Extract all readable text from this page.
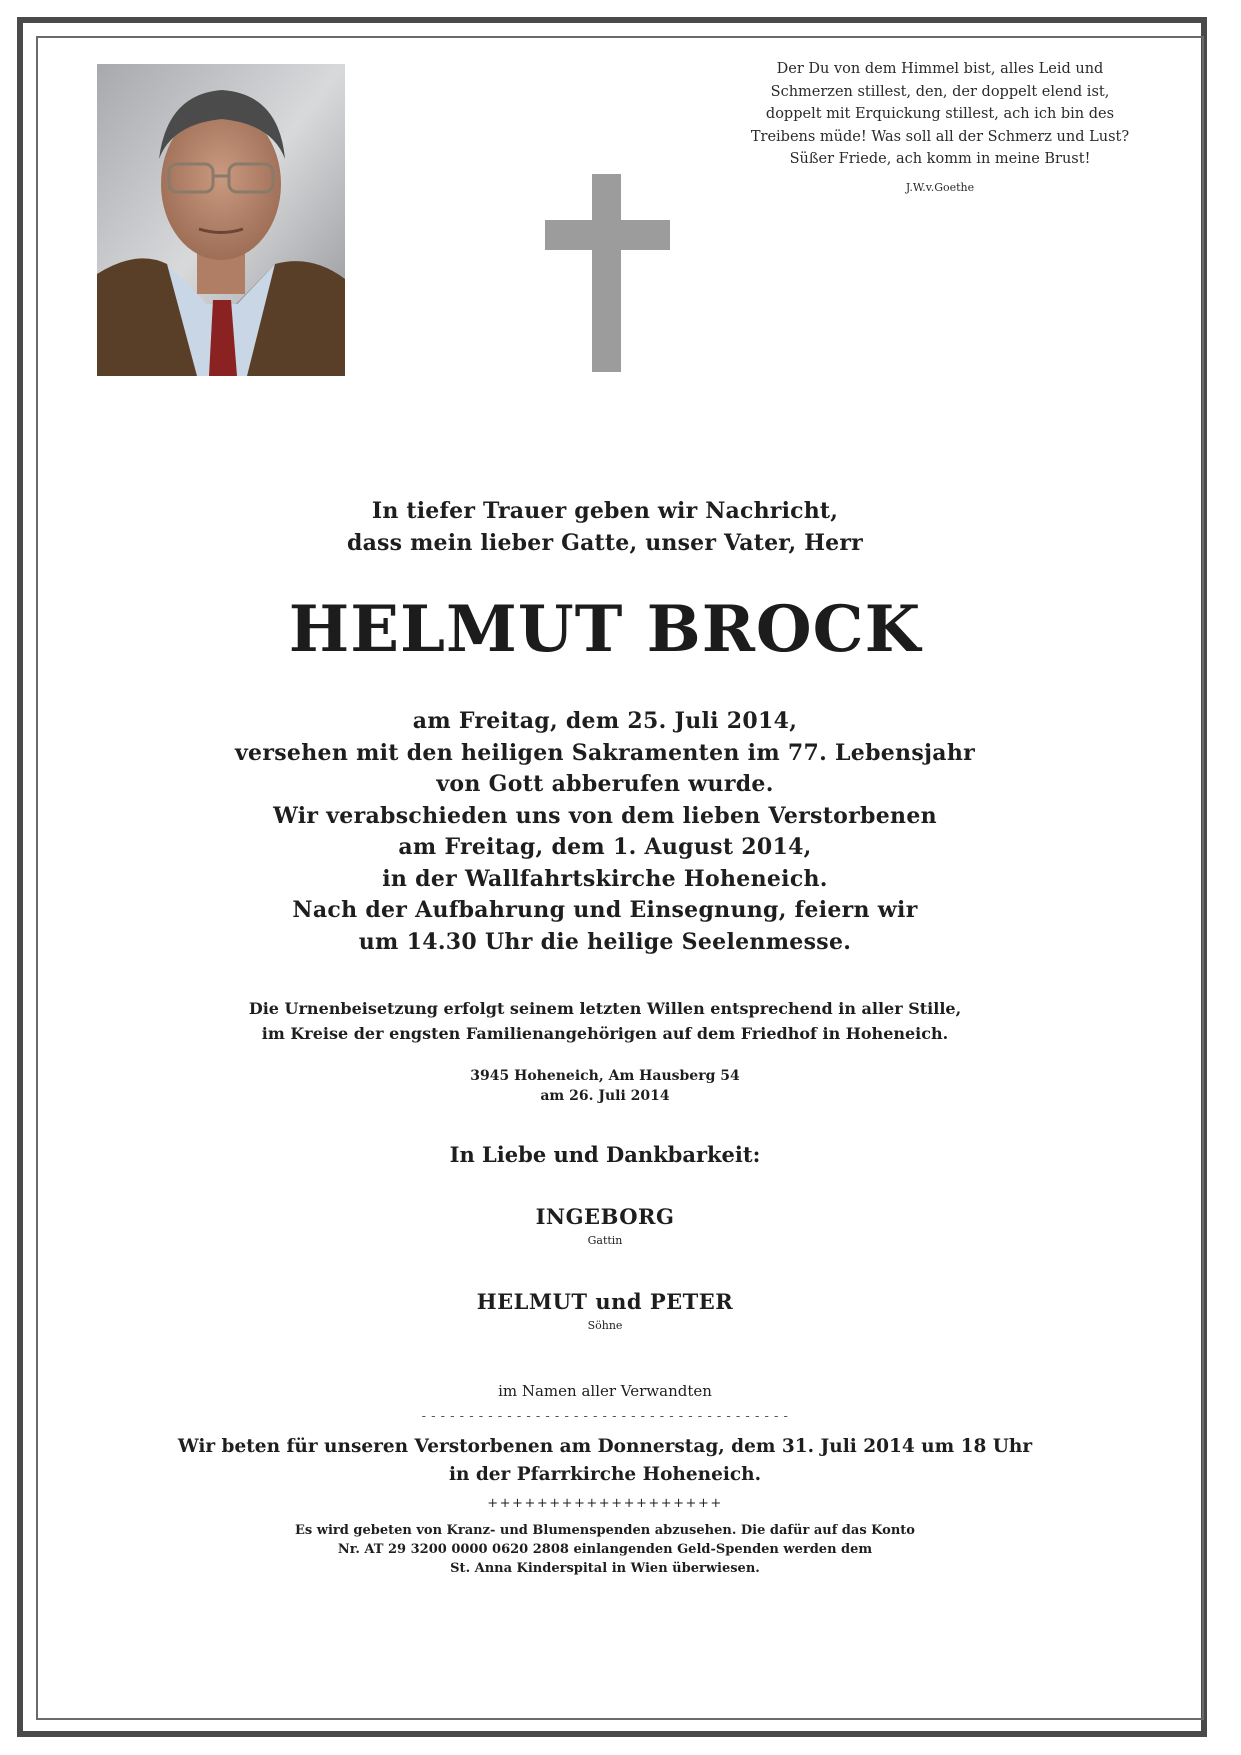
Der Du von dem Himmel bist, alles Leid und
Schmerzen stillest, den, der doppelt elend ist,
doppelt mit Erquickung stillest, ach ich bin des
Treibens müde! Was soll all der Schmerz und Lust?
Süßer Friede, ach komm in meine Brust!
J.W.v.Goethe
In tiefer Trauer geben wir Nachricht,
dass mein lieber Gatte, unser Vater, Herr
HELMUT BROCK
am Freitag, dem 25. Juli 2014,
versehen mit den heiligen Sakramenten im 77. Lebensjahr
von Gott abberufen wurde.
Wir verabschieden uns von dem lieben Verstorbenen
am Freitag, dem 1. August 2014,
in der Wallfahrtskirche Hoheneich.
Nach der Aufbahrung und Einsegnung, feiern wir
um 14.30 Uhr die heilige Seelenmesse.
Die Urnenbeisetzung erfolgt seinem letzten Willen entsprechend in aller Stille,
im Kreise der engsten Familienangehörigen auf dem Friedhof in Hoheneich.
3945 Hoheneich, Am Hausberg 54
am 26. Juli 2014
In Liebe und Dankbarkeit:
INGEBORG
Gattin
HELMUT und PETER
Söhne
im Namen aller Verwandten
- - - - - - - - - - - - - - - - - - - - - - - - - - - - - - - - - - - - - - -
Wir beten für unseren Verstorbenen am Donnerstag, dem 31. Juli 2014 um 18 Uhr
in der Pfarrkirche Hoheneich.
+++++++++++++++++++
Es wird gebeten von Kranz- und Blumenspenden abzusehen. Die dafür auf das Konto
Nr. AT 29 3200 0000 0620 2808 einlangenden Geld-Spenden werden dem
St. Anna Kinderspital in Wien überwiesen.
